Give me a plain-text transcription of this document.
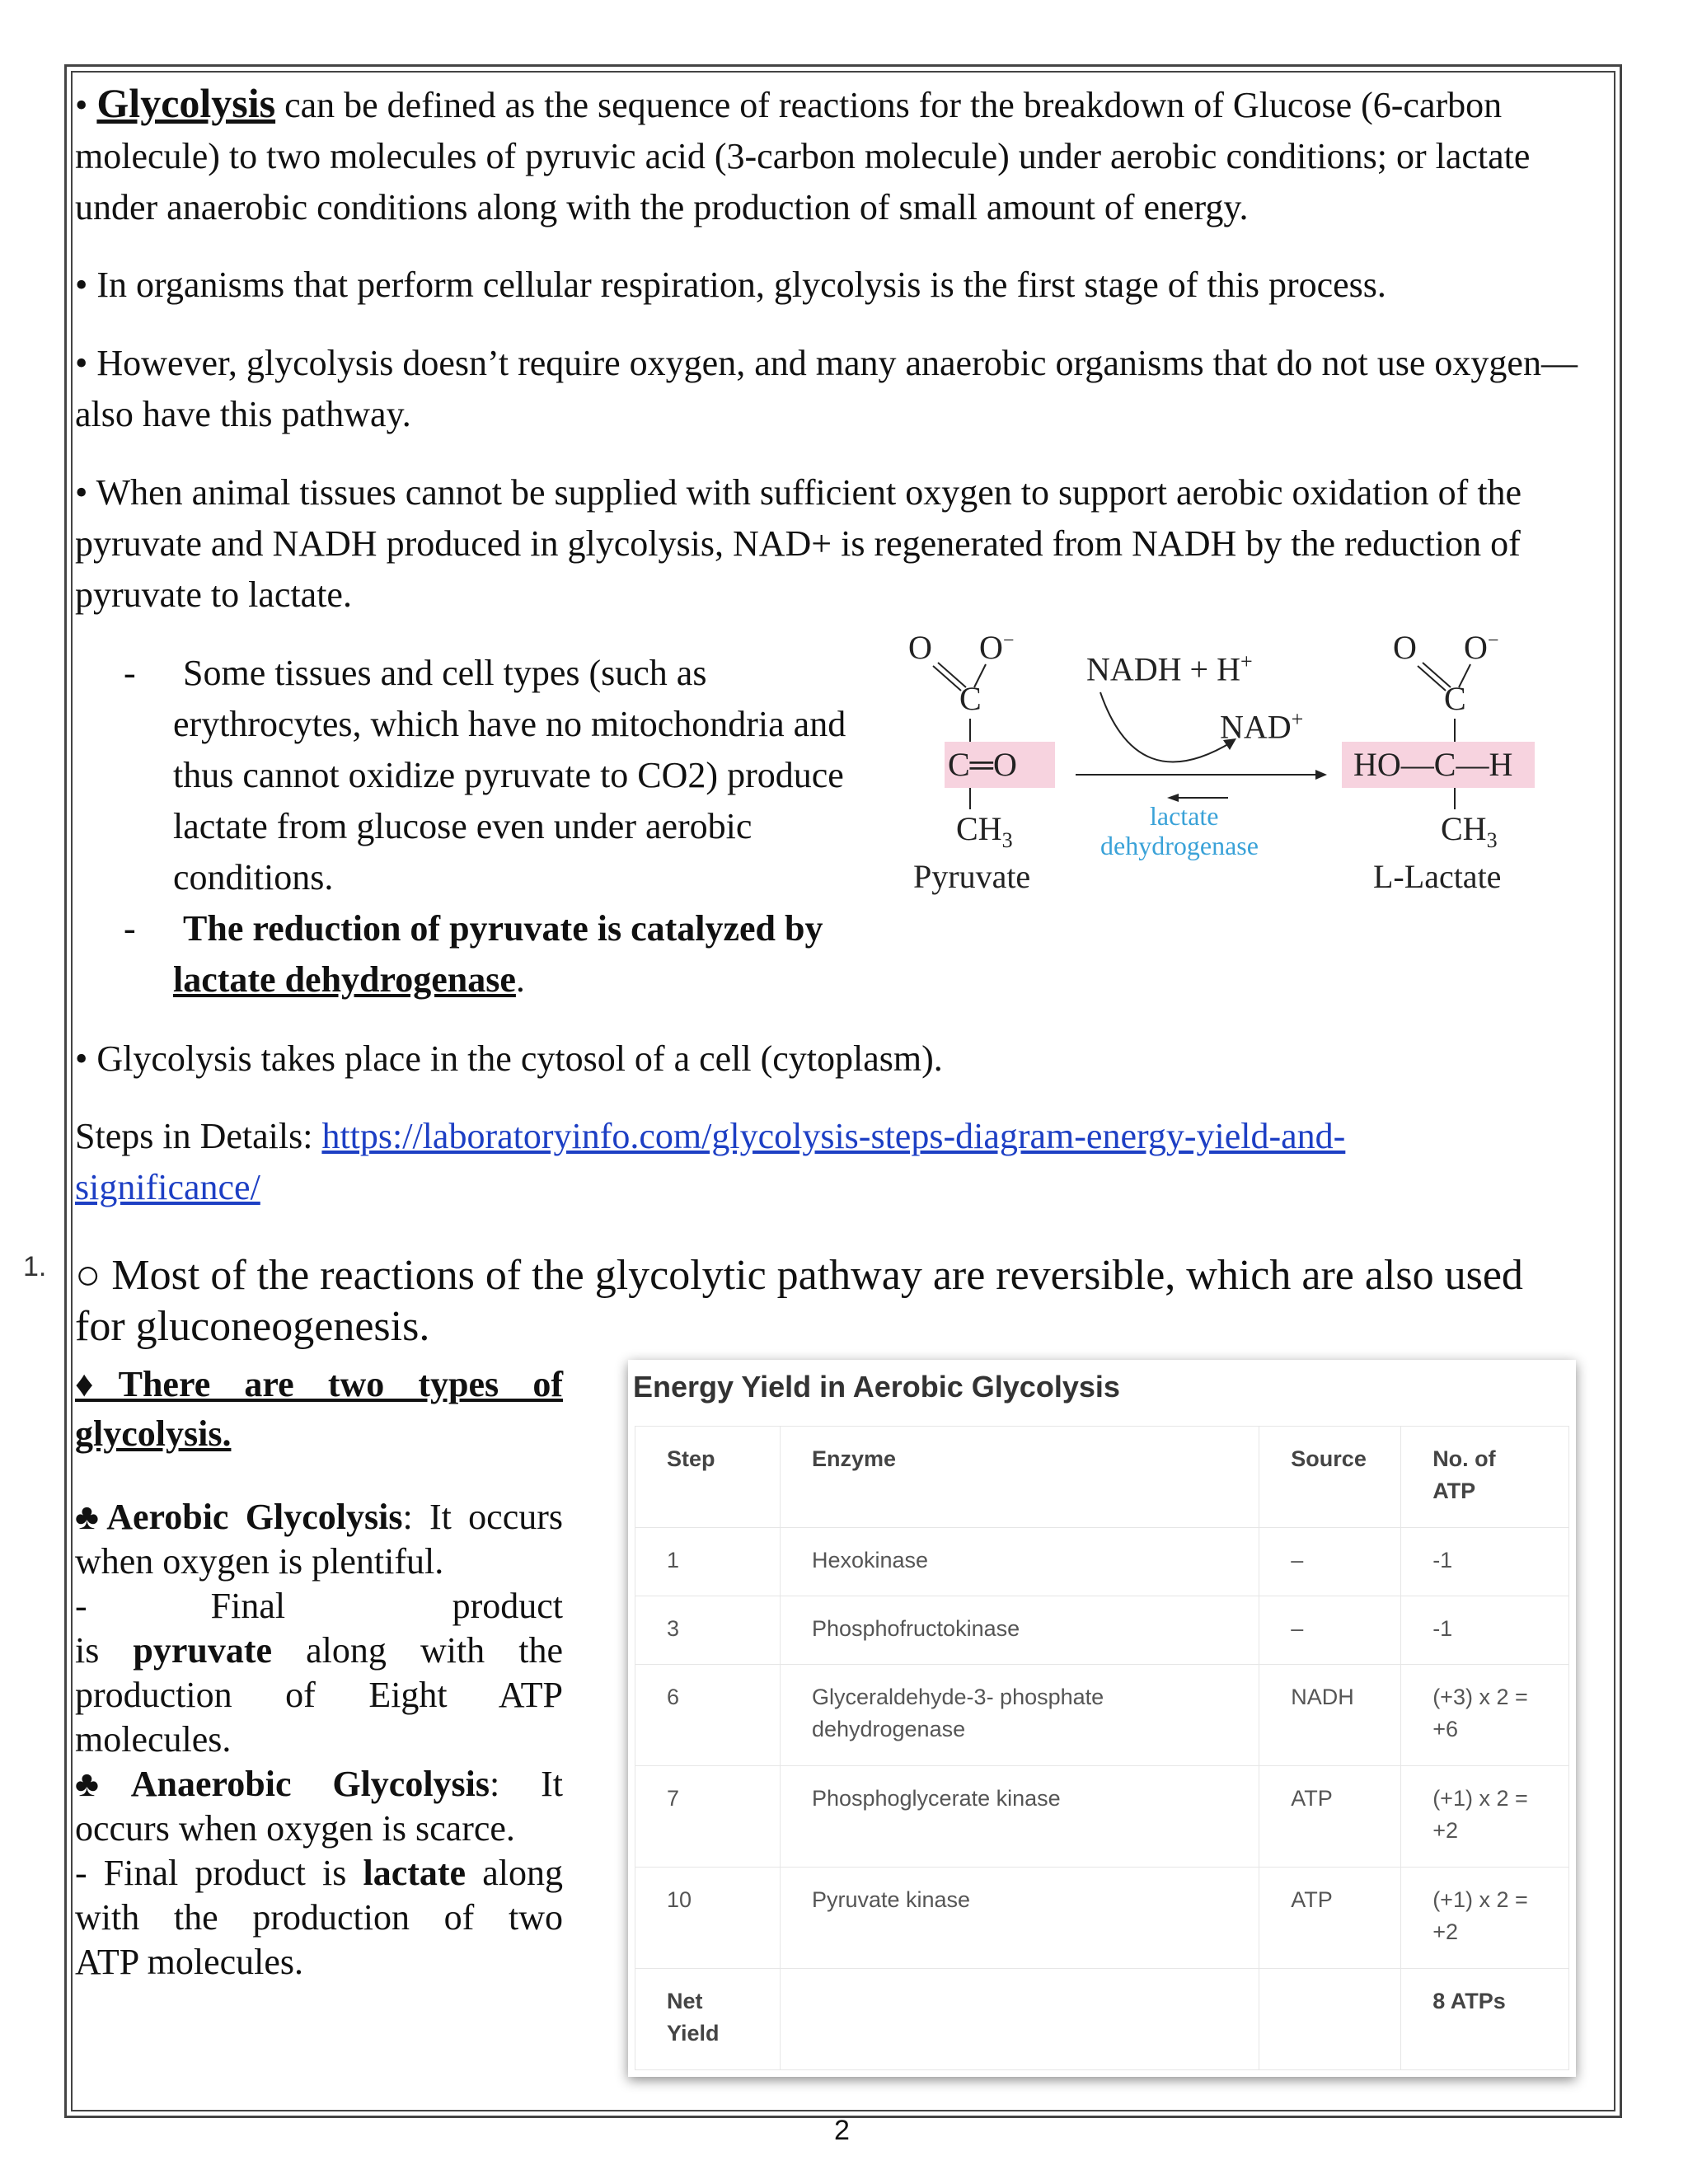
• Glycolysis can be defined as the sequence of reactions for the breakdown of Glucose (6-carbon molecule) to two molecules of pyruvic acid (3-carbon molecule) under aerobic conditions; or lactate under anaerobic conditions along with the production of small amount of energy.
• In organisms that perform cellular respiration, glycolysis is the first stage of this process.
• However, glycolysis doesn’t require oxygen, and many anaerobic organisms that do not use oxygen—also have this pathway.
• When animal tissues cannot be supplied with sufficient oxygen to support aerobic oxidation of the pyruvate and NADH produced in glycolysis, NAD+ is regenerated from NADH by the reduction of pyruvate to lactate.
- Some tissues and cell types (such as erythrocytes, which have no mitochondria and thus cannot oxidize pyruvate to CO2) produce lactate from glucose even under aerobic conditions.
- The reduction of pyruvate is catalyzed by lactate dehydrogenase.
O O−
C
C═O
$CH_3$
Pyruvate
NADH + H+
NAD+
lactate
dehydrogenase
O O−
C
HO—C—H
$CH_3$
L-Lactate
• Glycolysis takes place in the cytosol of a cell (cytoplasm).
Steps in Details: https://laboratoryinfo.com/glycolysis-steps-diagram-energy-yield-and-
significance/
1. ○ Most of the reactions of the glycolytic pathway are reversible, which are also used
for gluconeogenesis.
♦There are two types of
glycolysis.
♣Aerobic Glycolysis: It occurs
when oxygen is plentiful.
-	Final product
is pyruvate along with the
production of Eight ATP
molecules.
♣Anaerobic Glycolysis: It
occurs when oxygen is scarce.
- Final product is lactate along
with the production of two
ATP molecules.
Energy Yield in Aerobic Glycolysis
Step	Enzyme	Source	No. of ATP
1	Hexokinase	–	-1
3	Phosphofructokinase	–	-1
6	Glyceraldehyde-3- phosphate dehydrogenase	NADH	(+3) x 2 = +6
7	Phosphoglycerate kinase	ATP	(+1) x 2 = +2
10	Pyruvate kinase	ATP	(+1) x 2 = +2
Net Yield			8 ATPs
2
